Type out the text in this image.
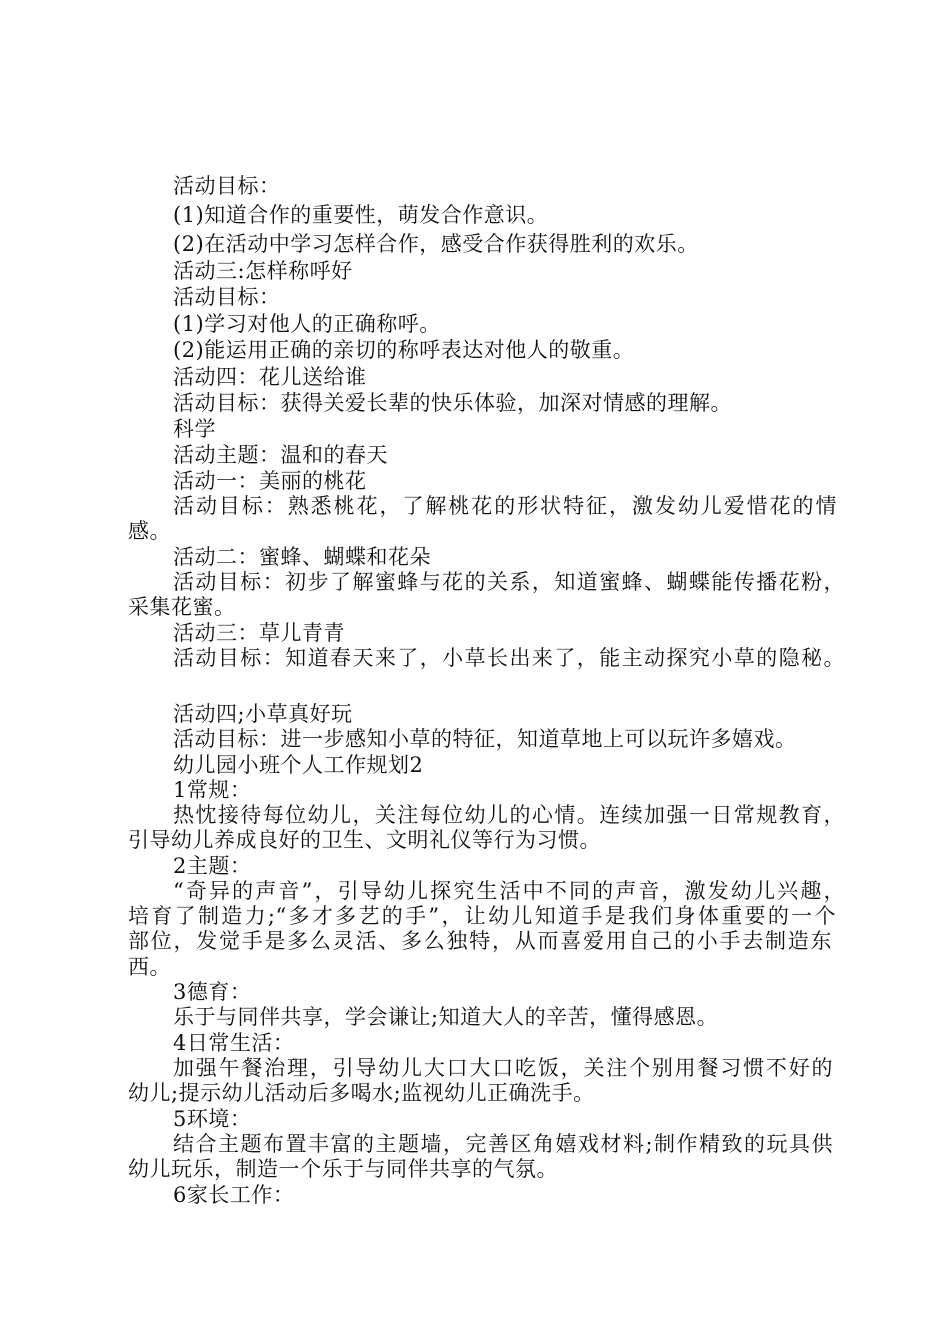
活动目标：
(1)知道合作的重要性，萌发合作意识。
(2)在活动中学习怎样合作，感受合作获得胜利的欢乐。
活动三:怎样称呼好
活动目标：
(1)学习对他人的正确称呼。
(2)能运用正确的亲切的称呼表达对他人的敬重。
活动四：花儿送给谁
活动目标：获得关爱长辈的快乐体验，加深对情感的理解。
科学
活动主题：温和的春天
活动一：美丽的桃花
活动目标：熟悉桃花，了解桃花的形状特征，激发幼儿爱惜花的情
感。
活动二：蜜蜂、蝴蝶和花朵
活动目标：初步了解蜜蜂与花的关系，知道蜜蜂、蝴蝶能传播花粉，
采集花蜜。
活动三：草儿青青
活动目标：知道春天来了，小草长出来了，能主动探究小草的隐秘。
活动四;小草真好玩
活动目标：进一步感知小草的特征，知道草地上可以玩许多嬉戏。
幼儿园小班个人工作规划2
1常规：
热忱接待每位幼儿，关注每位幼儿的心情。连续加强一日常规教育，
引导幼儿养成良好的卫生、文明礼仪等行为习惯。
2主题：
“奇异的声音”，引导幼儿探究生活中不同的声音，激发幼儿兴趣，
培育了制造力;“多才多艺的手”，让幼儿知道手是我们身体重要的一个
部位，发觉手是多么灵活、多么独特，从而喜爱用自己的小手去制造东
西。
3德育：
乐于与同伴共享，学会谦让;知道大人的辛苦，懂得感恩。
4日常生活：
加强午餐治理，引导幼儿大口大口吃饭，关注个别用餐习惯不好的
幼儿;提示幼儿活动后多喝水;监视幼儿正确洗手。
5环境：
结合主题布置丰富的主题墙，完善区角嬉戏材料;制作精致的玩具供
幼儿玩乐，制造一个乐于与同伴共享的气氛。
6家长工作：
